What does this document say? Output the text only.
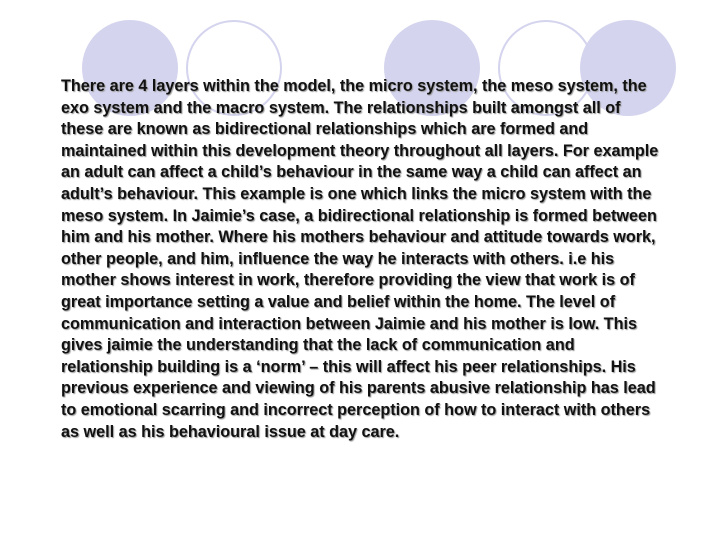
There are 4 layers within the model, the micro system, the meso system, the exo system and the macro system. The relationships built amongst all of these are known as bidirectional relationships which are formed and maintained within this development theory throughout all layers. For example an adult can affect a child’s behaviour in the same way a child can affect an adult’s behaviour. This example is one which links the micro system with the meso system. In Jaimie’s case, a bidirectional relationship is formed between him and his mother. Where his mothers behaviour and attitude towards work, other people, and him, influence the way he interacts with others. i.e his mother shows interest in work, therefore providing the view that work is of great importance setting a value and belief within the home. The level of communication and interaction between Jaimie and his mother is low. This gives jaimie the understanding that the lack of communication and relationship building is a ‘norm’ – this will affect his peer relationships. His previous experience and viewing of his parents abusive relationship has lead to emotional scarring and incorrect perception of how to interact with others as well as his behavioural issue at day care.
